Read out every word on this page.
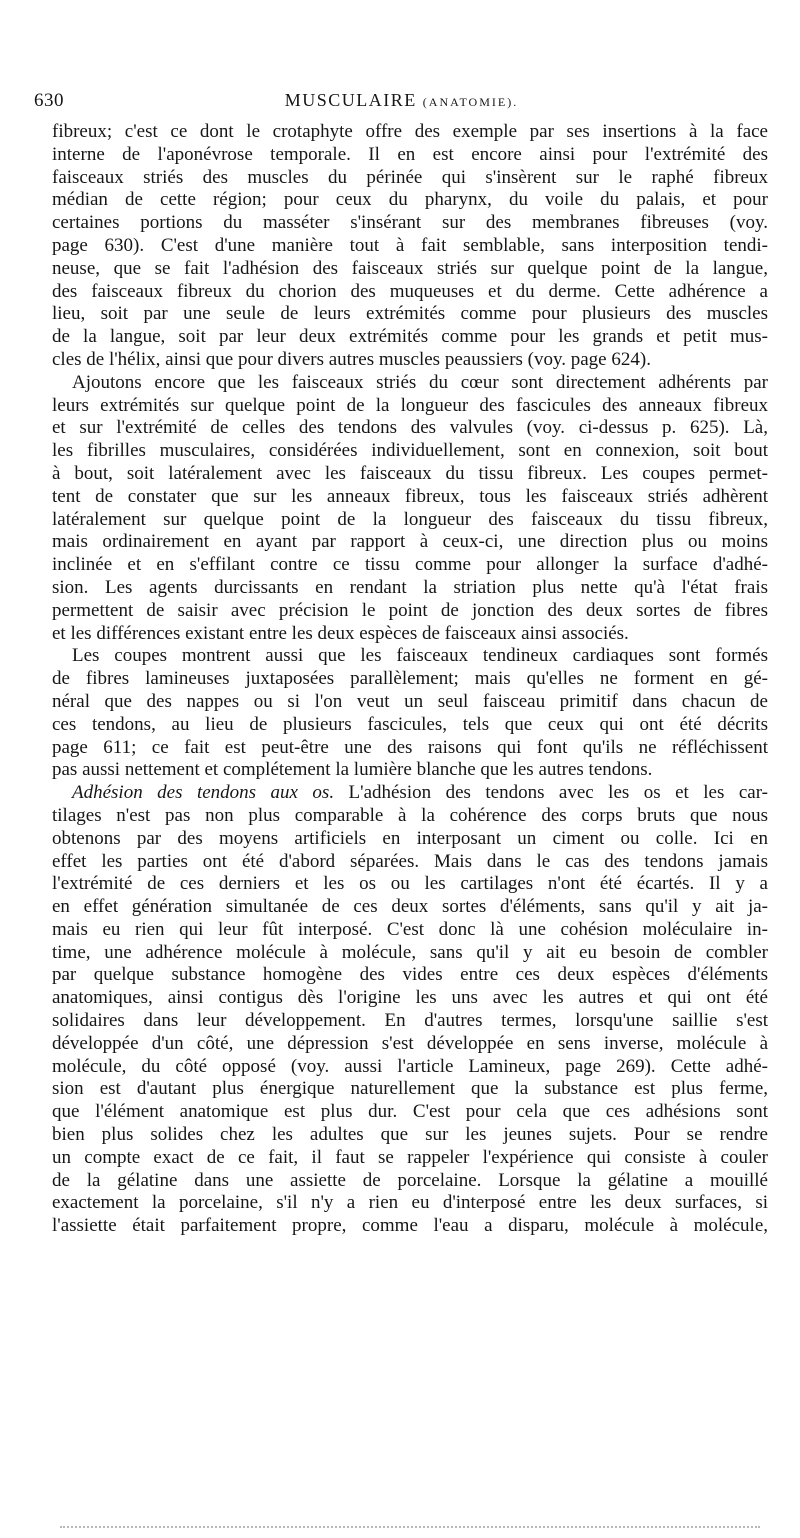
630	MUSCULAIRE (ANATOMIE).
fibreux; c'est ce dont le crotaphyte offre des exemple par ses insertions à la face
interne de l'aponévrose temporale. Il en est encore ainsi pour l'extrémité des
faisceaux striés des muscles du périnée qui s'insèrent sur le raphé fibreux
médian de cette région; pour ceux du pharynx, du voile du palais, et pour
certaines portions du masséter s'insérant sur des membranes fibreuses (voy.
page 630). C'est d'une manière tout à fait semblable, sans interposition tendi-
neuse, que se fait l'adhésion des faisceaux striés sur quelque point de la langue,
des faisceaux fibreux du chorion des muqueuses et du derme. Cette adhérence a
lieu, soit par une seule de leurs extrémités comme pour plusieurs des muscles
de la langue, soit par leur deux extrémités comme pour les grands et petit mus-
cles de l'hélix, ainsi que pour divers autres muscles peaussiers (voy. page 624).
Ajoutons encore que les faisceaux striés du cœur sont directement adhérents par
leurs extrémités sur quelque point de la longueur des fascicules des anneaux fibreux
et sur l'extrémité de celles des tendons des valvules (voy. ci-dessus p. 625). Là,
les fibrilles musculaires, considérées individuellement, sont en connexion, soit bout
à bout, soit latéralement avec les faisceaux du tissu fibreux. Les coupes permet-
tent de constater que sur les anneaux fibreux, tous les faisceaux striés adhèrent
latéralement sur quelque point de la longueur des faisceaux du tissu fibreux,
mais ordinairement en ayant par rapport à ceux-ci, une direction plus ou moins
inclinée et en s'effilant contre ce tissu comme pour allonger la surface d'adhé-
sion. Les agents durcissants en rendant la striation plus nette qu'à l'état frais
permettent de saisir avec précision le point de jonction des deux sortes de fibres
et les différences existant entre les deux espèces de faisceaux ainsi associés.
Les coupes montrent aussi que les faisceaux tendineux cardiaques sont formés
de fibres lamineuses juxtaposées parallèlement; mais qu'elles ne forment en gé-
néral que des nappes ou si l'on veut un seul faisceau primitif dans chacun de
ces tendons, au lieu de plusieurs fascicules, tels que ceux qui ont été décrits
page 611; ce fait est peut-être une des raisons qui font qu'ils ne réfléchissent
pas aussi nettement et complétement la lumière blanche que les autres tendons.
Adhésion des tendons aux os. L'adhésion des tendons avec les os et les car-
tilages n'est pas non plus comparable à la cohérence des corps bruts que nous
obtenons par des moyens artificiels en interposant un ciment ou colle. Ici en
effet les parties ont été d'abord séparées. Mais dans le cas des tendons jamais
l'extrémité de ces derniers et les os ou les cartilages n'ont été écartés. Il y a
en effet génération simultanée de ces deux sortes d'éléments, sans qu'il y ait ja-
mais eu rien qui leur fût interposé. C'est donc là une cohésion moléculaire in-
time, une adhérence molécule à molécule, sans qu'il y ait eu besoin de combler
par quelque substance homogène des vides entre ces deux espèces d'éléments
anatomiques, ainsi contigus dès l'origine les uns avec les autres et qui ont été
solidaires dans leur développement. En d'autres termes, lorsqu'une saillie s'est
développée d'un côté, une dépression s'est développée en sens inverse, molécule à
molécule, du côté opposé (voy. aussi l'article Lamineux, page 269). Cette adhé-
sion est d'autant plus énergique naturellement que la substance est plus ferme,
que l'élément anatomique est plus dur. C'est pour cela que ces adhésions sont
bien plus solides chez les adultes que sur les jeunes sujets. Pour se rendre
un compte exact de ce fait, il faut se rappeler l'expérience qui consiste à couler
de la gélatine dans une assiette de porcelaine. Lorsque la gélatine a mouillé
exactement la porcelaine, s'il n'y a rien eu d'interposé entre les deux surfaces, si
l'assiette était parfaitement propre, comme l'eau a disparu, molécule à molécule,
